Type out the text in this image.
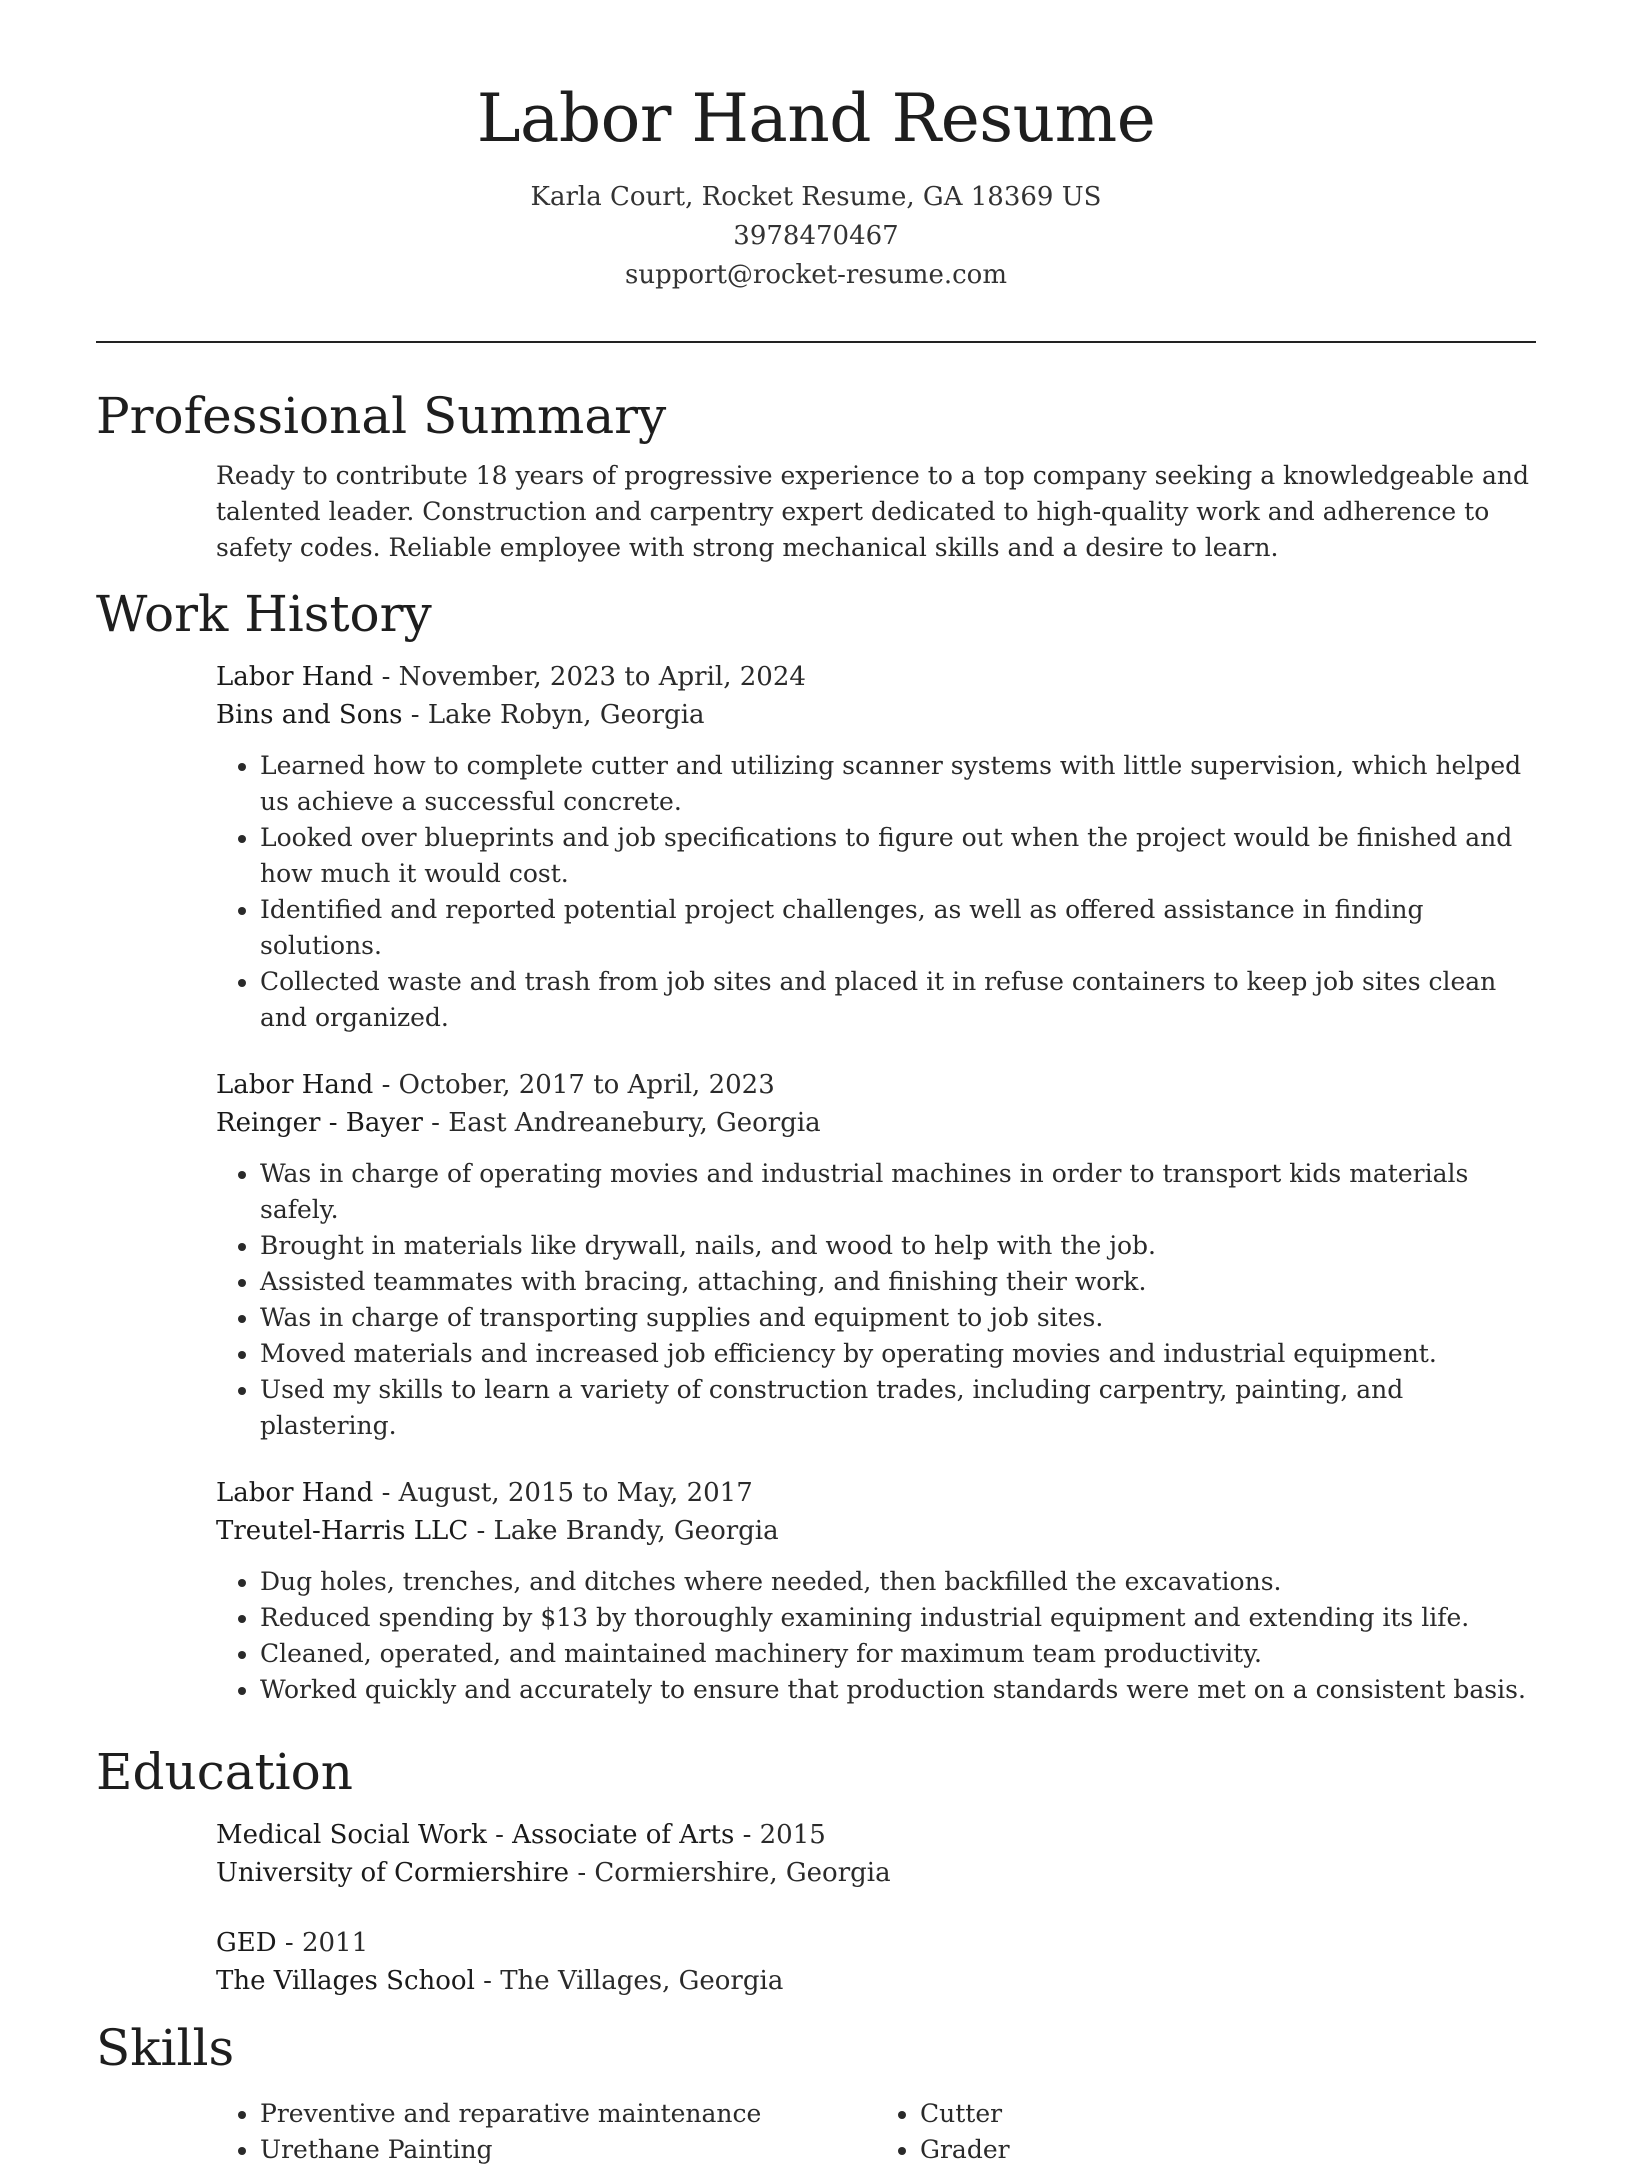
Labor Hand Resume
Karla Court, Rocket Resume, GA 18369 US
3978470467
support@rocket-resume.com
Professional Summary

Ready to contribute 18 years of progressive experience to a top company seeking a knowledgeable and talented leader. Construction and carpentry expert dedicated to high-quality work and adherence to safety codes. Reliable employee with strong mechanical skills and a desire to learn.

Work History
Labor Hand - November, 2023 to April, 2024
Bins and Sons - Lake Robyn, Georgia
• Learned how to complete cutter and utilizing scanner systems with little supervision, which helped us achieve a successful concrete.
• Looked over blueprints and job specifications to figure out when the project would be finished and how much it would cost.
• Identified and reported potential project challenges, as well as offered assistance in finding solutions.
• Collected waste and trash from job sites and placed it in refuse containers to keep job sites clean and organized.
Labor Hand - October, 2017 to April, 2023
Reinger - Bayer - East Andreanebury, Georgia
• Was in charge of operating movies and industrial machines in order to transport kids materials safely.
• Brought in materials like drywall, nails, and wood to help with the job.
• Assisted teammates with bracing, attaching, and finishing their work.
• Was in charge of transporting supplies and equipment to job sites.
• Moved materials and increased job efficiency by operating movies and industrial equipment.
• Used my skills to learn a variety of construction trades, including carpentry, painting, and plastering.
Labor Hand - August, 2015 to May, 2017
Treutel-Harris LLC - Lake Brandy, Georgia
• Dug holes, trenches, and ditches where needed, then backfilled the excavations.
• Reduced spending by $13 by thoroughly examining industrial equipment and extending its life.
• Cleaned, operated, and maintained machinery for maximum team productivity.
• Worked quickly and accurately to ensure that production standards were met on a consistent basis.
Education
Medical Social Work - Associate of Arts - 2015
University of Cormiershire - Cormiershire, Georgia
GED - 2011
The Villages School - The Villages, Georgia
Skills
• Preventive and reparative maintenance
• Urethane Painting
• Cutter
• Grader
